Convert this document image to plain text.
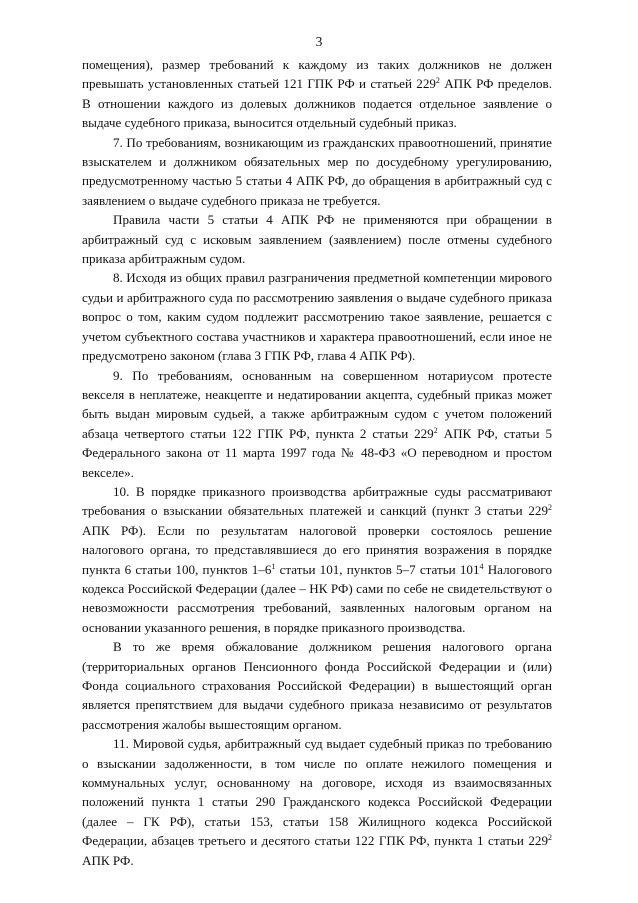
3

помещения), размер требований к каждому из таких должников не должен превышать установленных статьей 121 ГПК РФ и статьей $229^2$ АПК РФ пределов. В отношении каждого из долевых должников подается отдельное заявление о выдаче судебного приказа, выносится отдельный судебный приказ.

7. По требованиям, возникающим из гражданских правоотношений, принятие взыскателем и должником обязательных мер по досудебному урегулированию, предусмотренному частью 5 статьи 4 АПК РФ, до обращения в арбитражный суд с заявлением о выдаче судебного приказа не требуется.

Правила части 5 статьи 4 АПК РФ не применяются при обращении в арбитражный суд с исковым заявлением (заявлением) после отмены судебного приказа арбитражным судом.

8. Исходя из общих правил разграничения предметной компетенции мирового судьи и арбитражного суда по рассмотрению заявления о выдаче судебного приказа вопрос о том, каким судом подлежит рассмотрению такое заявление, решается с учетом субъектного состава участников и характера правоотношений, если иное не предусмотрено законом (глава 3 ГПК РФ, глава 4 АПК РФ).

9. По требованиям, основанным на совершенном нотариусом протесте векселя в неплатеже, неакцепте и недатировании акцепта, судебный приказ может быть выдан мировым судьей, а также арбитражным судом с учетом положений абзаца четвертого статьи 122 ГПК РФ, пункта 2 статьи $229^2$ АПК РФ, статьи 5 Федерального закона от 11 марта 1997 года № 48-ФЗ «О переводном и простом векселе».

10. В порядке приказного производства арбитражные суды рассматривают требования о взыскании обязательных платежей и санкций (пункт 3 статьи $229^2$ АПК РФ). Если по результатам налоговой проверки состоялось решение налогового органа, то представлявшиеся до его принятия возражения в порядке пункта 6 статьи 100, пунктов $1-6^1$ статьи 101, пунктов 5–7 статьи $101^4$ Налогового кодекса Российской Федерации (далее – НК РФ) сами по себе не свидетельствуют о невозможности рассмотрения требований, заявленных налоговым органом на основании указанного решения, в порядке приказного производства.

В то же время обжалование должником решения налогового органа (территориальных органов Пенсионного фонда Российской Федерации и (или) Фонда социального страхования Российской Федерации) в вышестоящий орган является препятствием для выдачи судебного приказа независимо от результатов рассмотрения жалобы вышестоящим органом.

11. Мировой судья, арбитражный суд выдает судебный приказ по требованию о взыскании задолженности, в том числе по оплате нежилого помещения и коммунальных услуг, основанному на договоре, исходя из взаимосвязанных положений пункта 1 статьи 290 Гражданского кодекса Российской Федерации (далее – ГК РФ), статьи 153, статьи 158 Жилищного кодекса Российской Федерации, абзацев третьего и десятого статьи 122 ГПК РФ, пункта 1 статьи $229^2$ АПК РФ.
